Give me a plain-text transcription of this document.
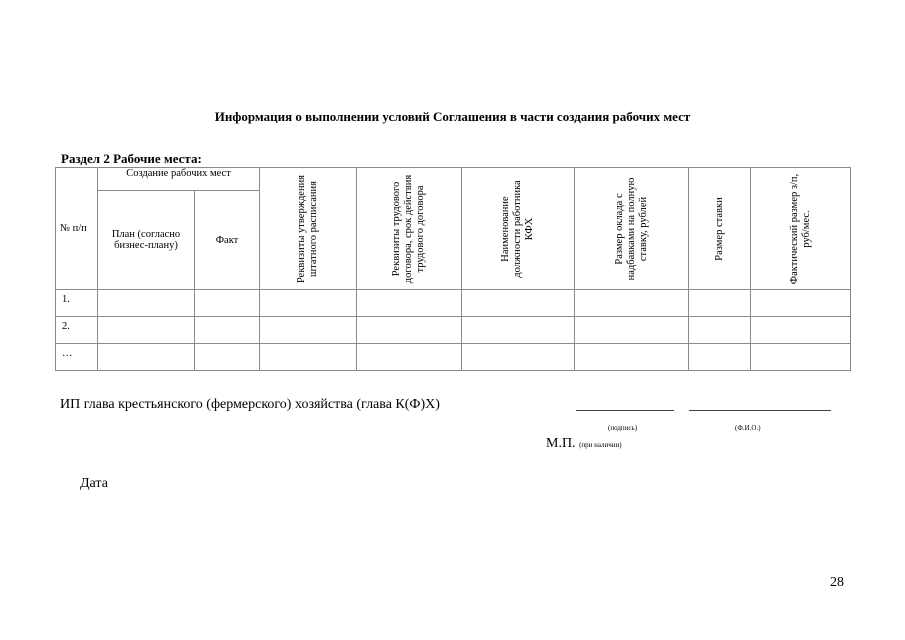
Информация о выполнении условий Соглашения в части создания рабочих мест
Раздел 2 Рабочие места:
№ п/п	Создание рабочих мест		Реквизиты утверждения штатного расписания	Реквизиты трудового договора, срок действия трудового договора	Наименование должности работника КФХ	Размер оклада с надбавками на полную ставку, рублей	Размер ставки	Фактический размер з/п, руб/мес.

	План (согласно бизнес-плану)	Факт						
1.								
2.								
…								
ИП глава крестьянского (фермерского) хозяйства (глава К(Ф)Х)
(подпись)	(Ф.И.О.)
М.П. (при наличии)
Дата
28
